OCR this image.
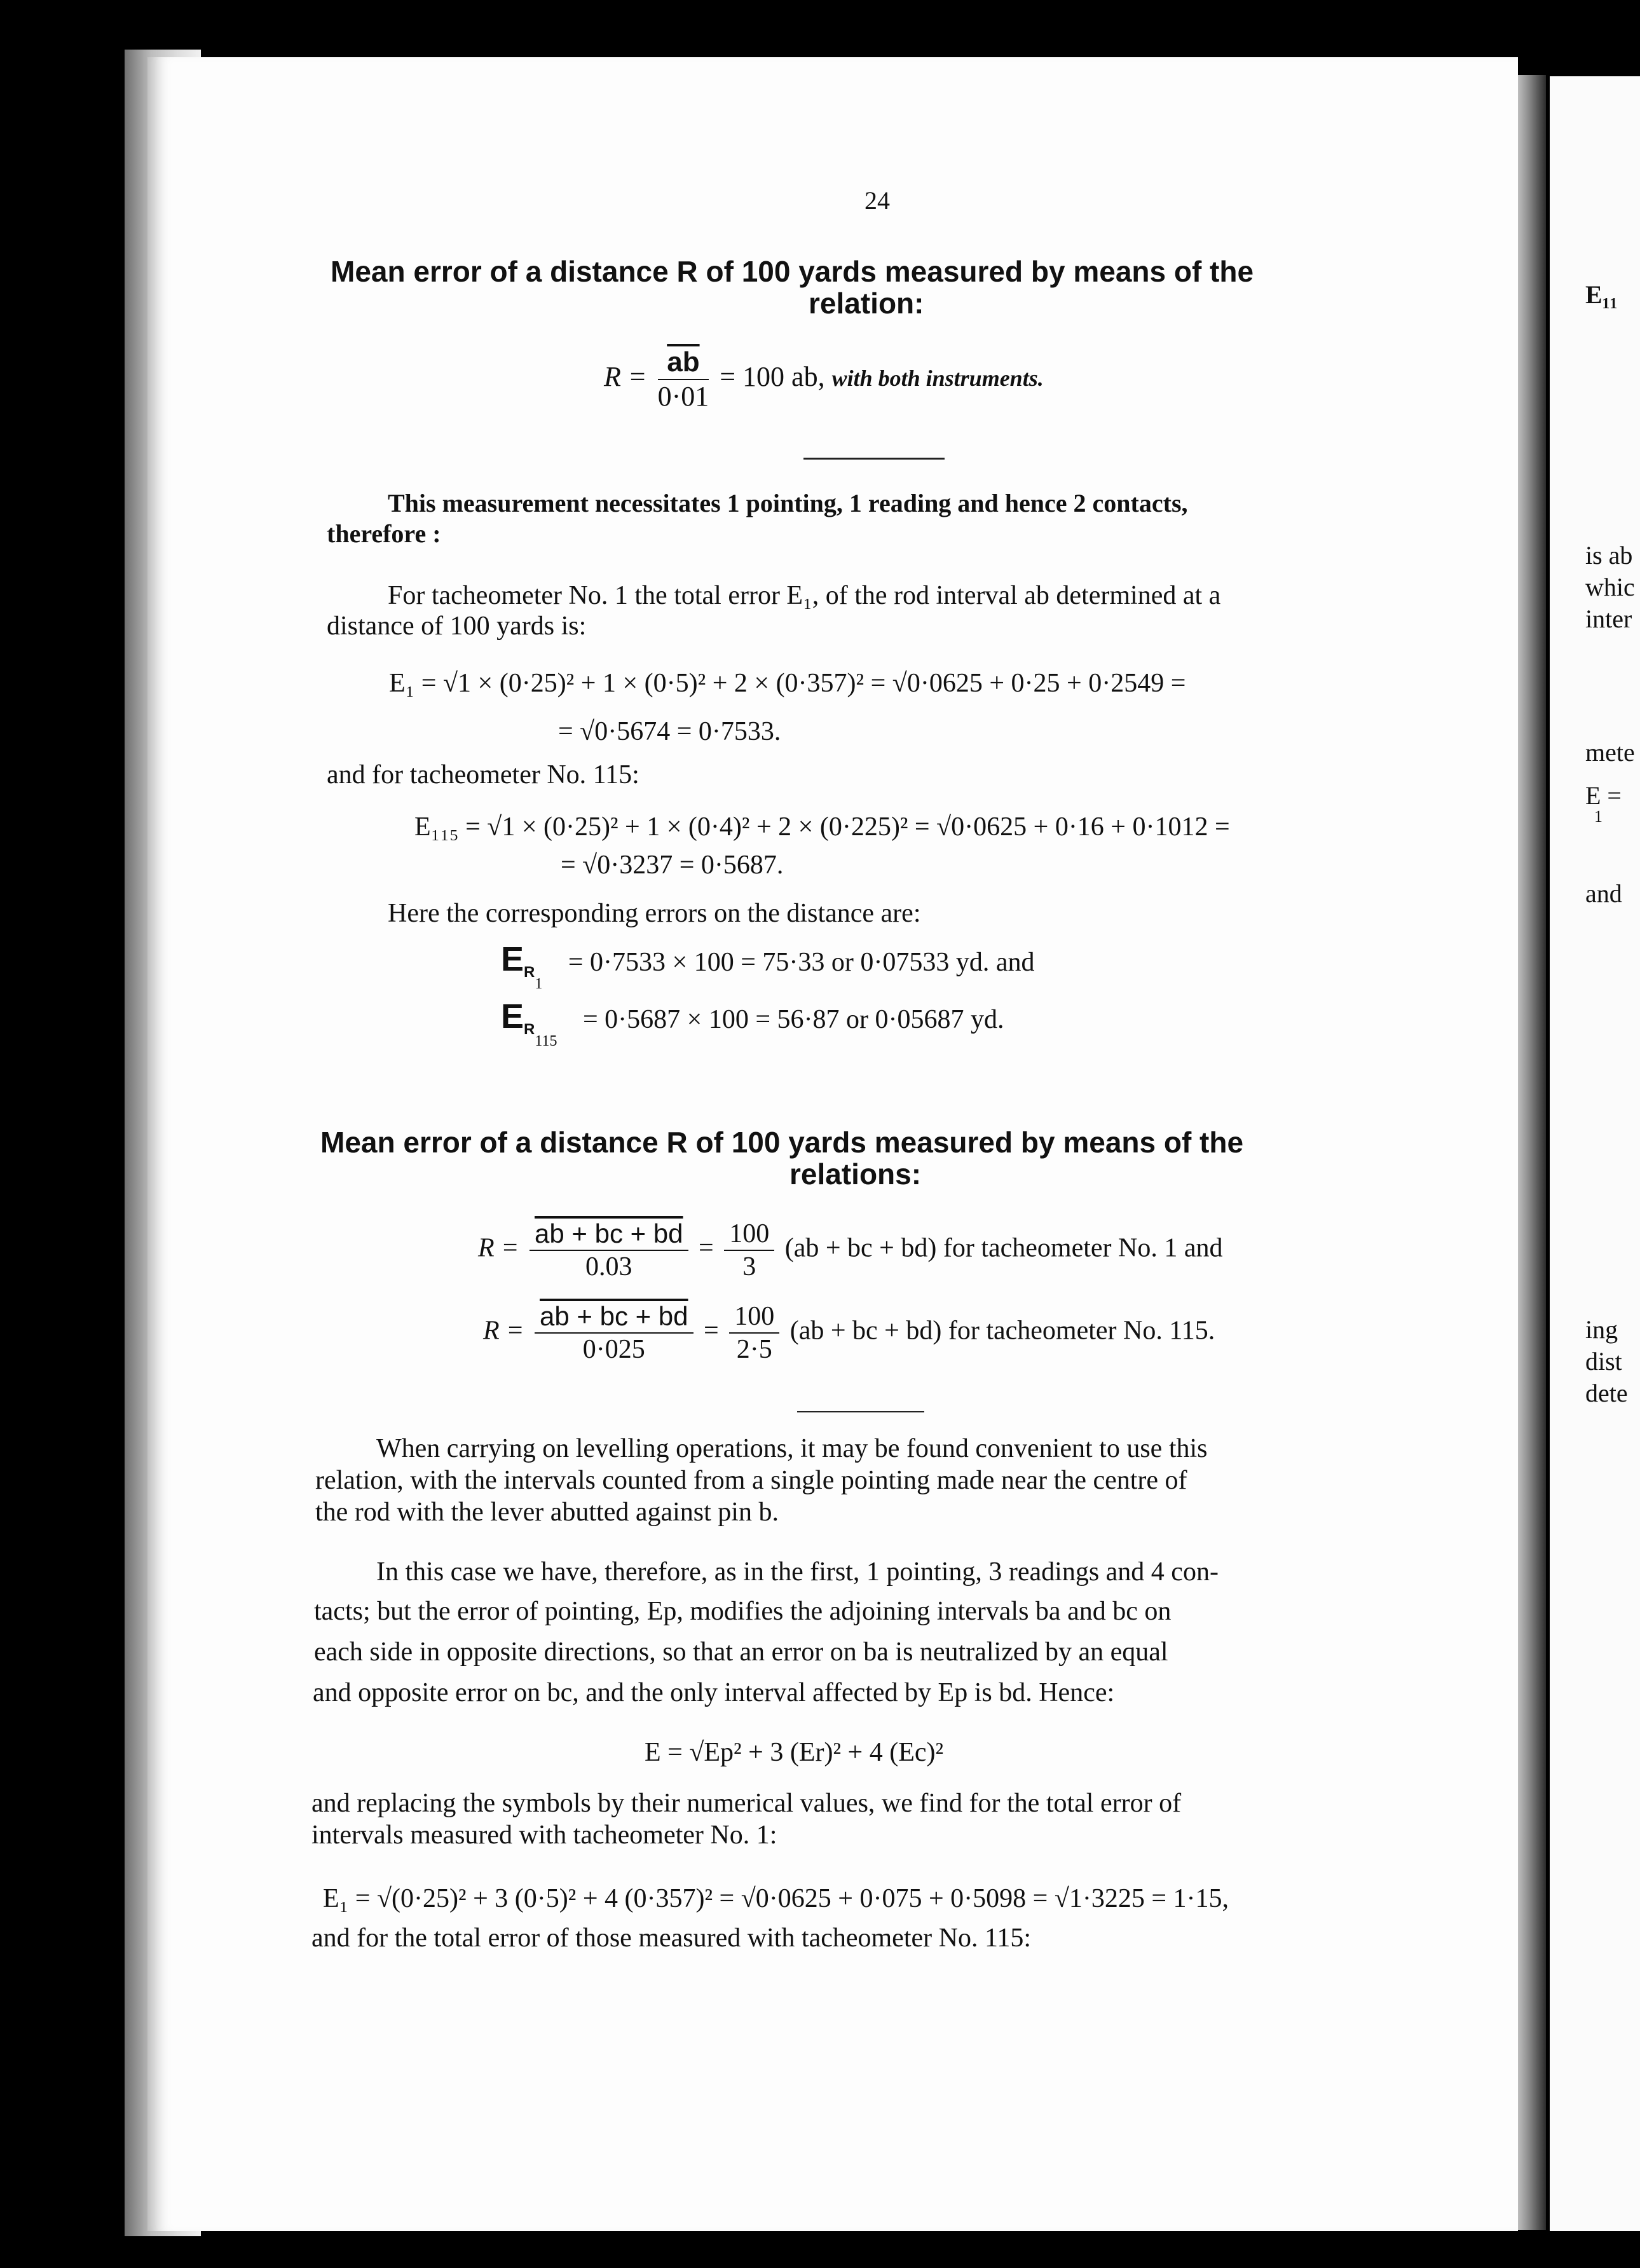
24
Mean error of a distance R of 100 yards measured by means of the
relation:
$R = \frac{\overline{ab}}{0\cdot 01} = 100$ ab, with both instruments.
This measurement necessitates 1 pointing, 1 reading and hence 2 contacts,
therefore :
For tacheometer No. 1 the total error E₁, of the rod interval ab determined at a
distance of 100 yards is:
E₁ = √1 × (0·25)² + 1 × (0·5)² + 2 × (0·357)² = √0·0625 + 0·25 + 0·2549 =
= √0·5674 = 0·7533.
and for tacheometer No. 115:
E₁₁₅ = √1 × (0·25)² + 1 × (0·4)² + 2 × (0·225)² = √0·0625 + 0·16 + 0·1012 =
= √0·3237 = 0·5687.
Here the corresponding errors on the distance are:
$E_{R1} = 0\cdot 7533 \times 100 = 75\cdot 33$ or 0·07533 yd. and
$E_{R115} = 0\cdot 5687 \times 100 = 56\cdot 87$ or 0·05687 yd.
Mean error of a distance R of 100 yards measured by means of the
relations:
$R = \frac{ab + bc + bd}{0.03} = \frac{100}{3} (ab$ + bc + bd) for tacheometer No. 1 and
$R = \frac{ab + bc + bd}{0\cdot 025} = \frac{100}{2\cdot 5} (ab$ + bc + bd) for tacheometer No. 115.
When carrying on levelling operations, it may be found convenient to use this
relation, with the intervals counted from a single pointing made near the centre of
the rod with the lever abutted against pin b.
In this case we have, therefore, as in the first, 1 pointing, 3 readings and 4 con-
tacts; but the error of pointing, Ep, modifies the adjoining intervals ba and bc on
each side in opposite directions, so that an error on ba is neutralized by an equal
and opposite error on bc, and the only interval affected by Ep is bd. Hence:
E = √Ep² + 3 (Er)² + 4 (Ec)²
and replacing the symbols by their numerical values, we find for the total error of
intervals measured with tacheometer No. 1:
E₁ = √(0·25)² + 3 (0·5)² + 4 (0·357)² = √0·0625 + 0·075 + 0·5098 = √1·3225 = 1·15,
and for the total error of those measured with tacheometer No. 115:
E₁₁
is ab
whic
inter
mete
E =
1
and
ing
dist
dete
